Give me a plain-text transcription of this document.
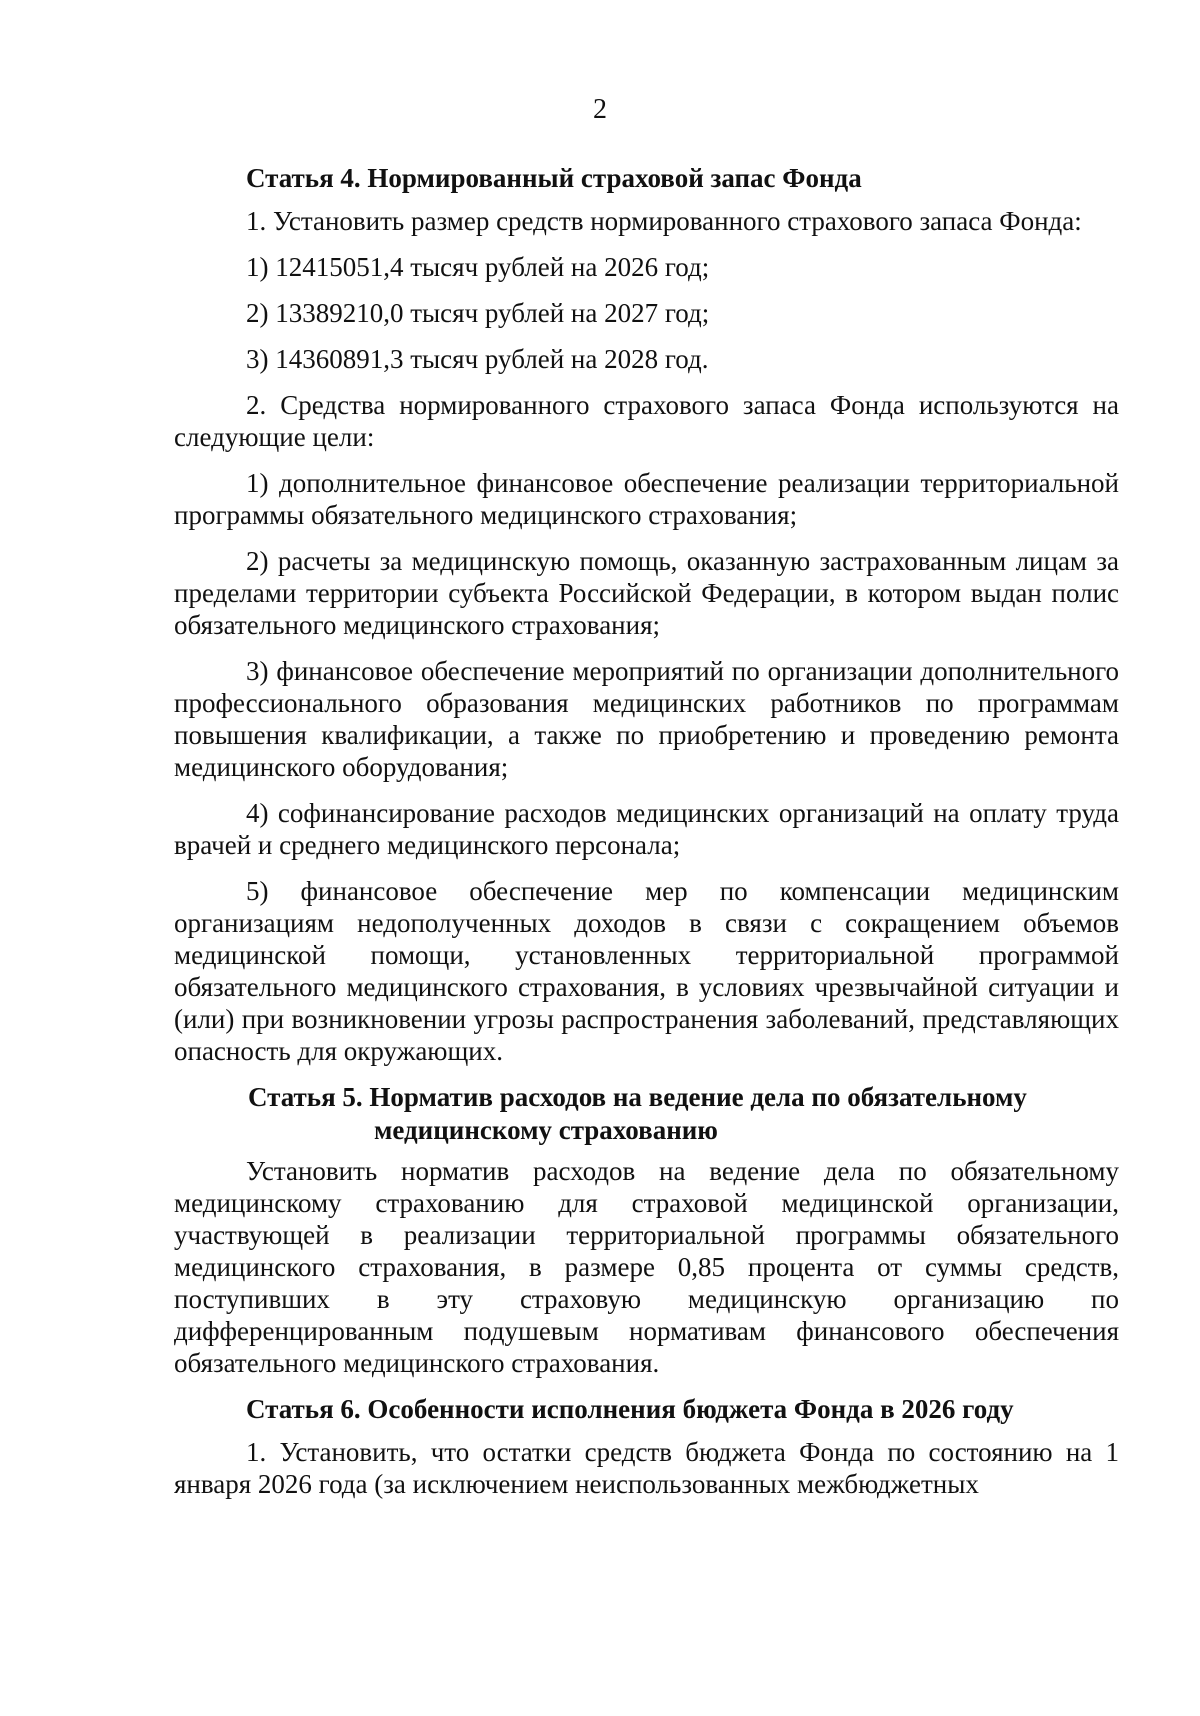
2
Статья 4. Нормированный страховой запас Фонда

1. Установить размер средств нормированного страхового запаса Фонда:

1) 12415051,4 тысяч рублей на 2026 год;

2) 13389210,0 тысяч рублей на 2027 год;

3) 14360891,3 тысяч рублей на 2028 год.

2. Средства нормированного страхового запаса Фонда используются на следующие цели:

1) дополнительное финансовое обеспечение реализации территориальной программы обязательного медицинского страхования;

2) расчеты за медицинскую помощь, оказанную застрахованным лицам за пределами территории субъекта Российской Федерации, в котором выдан полис обязательного медицинского страхования;

3) финансовое обеспечение мероприятий по организации дополнительного профессионального образования медицинских работников по программам повышения квалификации, а также по приобретению и проведению ремонта медицинского оборудования;

4) софинансирование расходов медицинских организаций на оплату труда врачей и среднего медицинского персонала;

5) финансовое обеспечение мер по компенсации медицинским организациям недополученных доходов в связи с сокращением объемов медицинской помощи, установленных территориальной программой обязательного медицинского страхования, в условиях чрезвычайной ситуации и (или) при возникновении угрозы распространения заболеваний, представляющих опасность для окружающих.

Статья 5. Норматив расходов на ведение дела по обязательному
медицинскому страхованию

Установить норматив расходов на ведение дела по обязательному медицинскому страхованию для страховой медицинской организации, участвующей в реализации территориальной программы обязательного медицинского страхования, в размере 0,85 процента от суммы средств, поступивших в эту страховую медицинскую организацию по дифференцированным подушевым нормативам финансового обеспечения обязательного медицинского страхования.

Статья 6. Особенности исполнения бюджета Фонда в 2026 году

1. Установить, что остатки средств бюджета Фонда по состоянию на 1 января 2026 года (за исключением неиспользованных межбюджетных
